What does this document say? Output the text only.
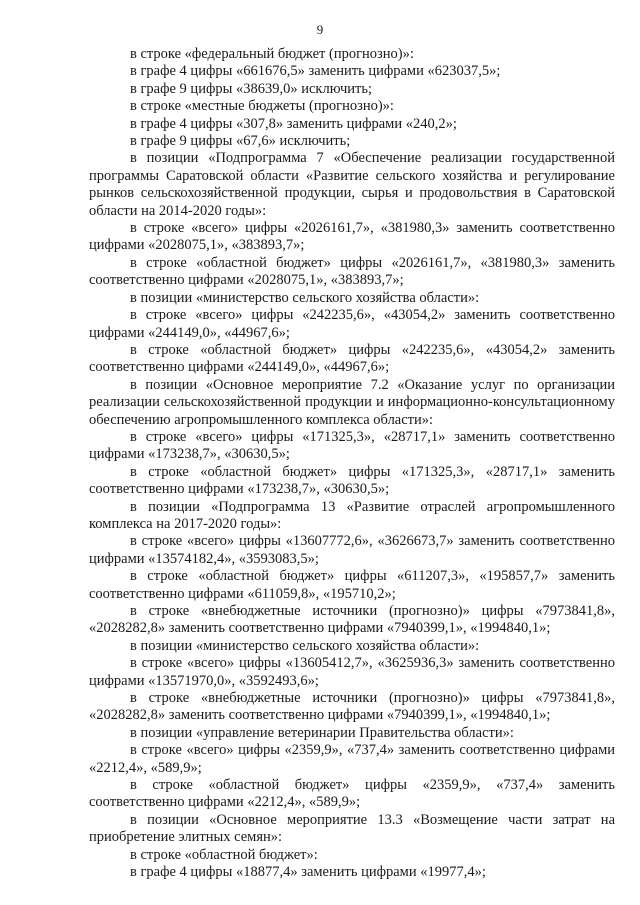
9

в строке «федеральный бюджет (прогнозно)»:

в графе 4 цифры «661676,5» заменить цифрами «623037,5»;

в графе 9 цифры «38639,0» исключить;

в строке «местные бюджеты (прогнозно)»:

в графе 4 цифры «307,8» заменить цифрами «240,2»;

в графе 9 цифры «67,6» исключить;

в позиции «Подпрограмма 7 «Обеспечение реализации государственной программы Саратовской области «Развитие сельского хозяйства и регулирование рынков сельскохозяйственной продукции, сырья и продовольствия в Саратовской области на 2014-2020 годы»:

в строке «всего» цифры «2026161,7», «381980,3» заменить соответственно цифрами «2028075,1», «383893,7»;

в строке «областной бюджет» цифры «2026161,7», «381980,3» заменить соответственно цифрами «2028075,1», «383893,7»;

в позиции «министерство сельского хозяйства области»:

в строке «всего» цифры «242235,6», «43054,2» заменить соответственно цифрами «244149,0», «44967,6»;

в строке «областной бюджет» цифры «242235,6», «43054,2» заменить соответственно цифрами «244149,0», «44967,6»;

в позиции «Основное мероприятие 7.2 «Оказание услуг по организации реализации сельскохозяйственной продукции и информационно-консультационному обеспечению агропромышленного комплекса области»:

в строке «всего» цифры «171325,3», «28717,1» заменить соответственно цифрами «173238,7», «30630,5»;

в строке «областной бюджет» цифры «171325,3», «28717,1» заменить соответственно цифрами «173238,7», «30630,5»;

в позиции «Подпрограмма 13 «Развитие отраслей агропромышленного комплекса на 2017-2020 годы»:

в строке «всего» цифры «13607772,6», «3626673,7» заменить соответственно цифрами «13574182,4», «3593083,5»;

в строке «областной бюджет» цифры «611207,3», «195857,7» заменить соответственно цифрами «611059,8», «195710,2»;

в строке «внебюджетные источники (прогнозно)» цифры «7973841,8», «2028282,8» заменить соответственно цифрами «7940399,1», «1994840,1»;

в позиции «министерство сельского хозяйства области»:

в строке «всего» цифры «13605412,7», «3625936,3» заменить соответственно цифрами «13571970,0», «3592493,6»;

в строке «внебюджетные источники (прогнозно)» цифры «7973841,8», «2028282,8» заменить соответственно цифрами «7940399,1», «1994840,1»;

в позиции «управление ветеринарии Правительства области»:

в строке «всего» цифры «2359,9», «737,4» заменить соответственно цифрами «2212,4», «589,9»;

в строке «областной бюджет» цифры «2359,9», «737,4» заменить соответственно цифрами «2212,4», «589,9»;

в позиции «Основное мероприятие 13.3 «Возмещение части затрат на приобретение элитных семян»:

в строке «областной бюджет»:

в графе 4 цифры «18877,4» заменить цифрами «19977,4»;
